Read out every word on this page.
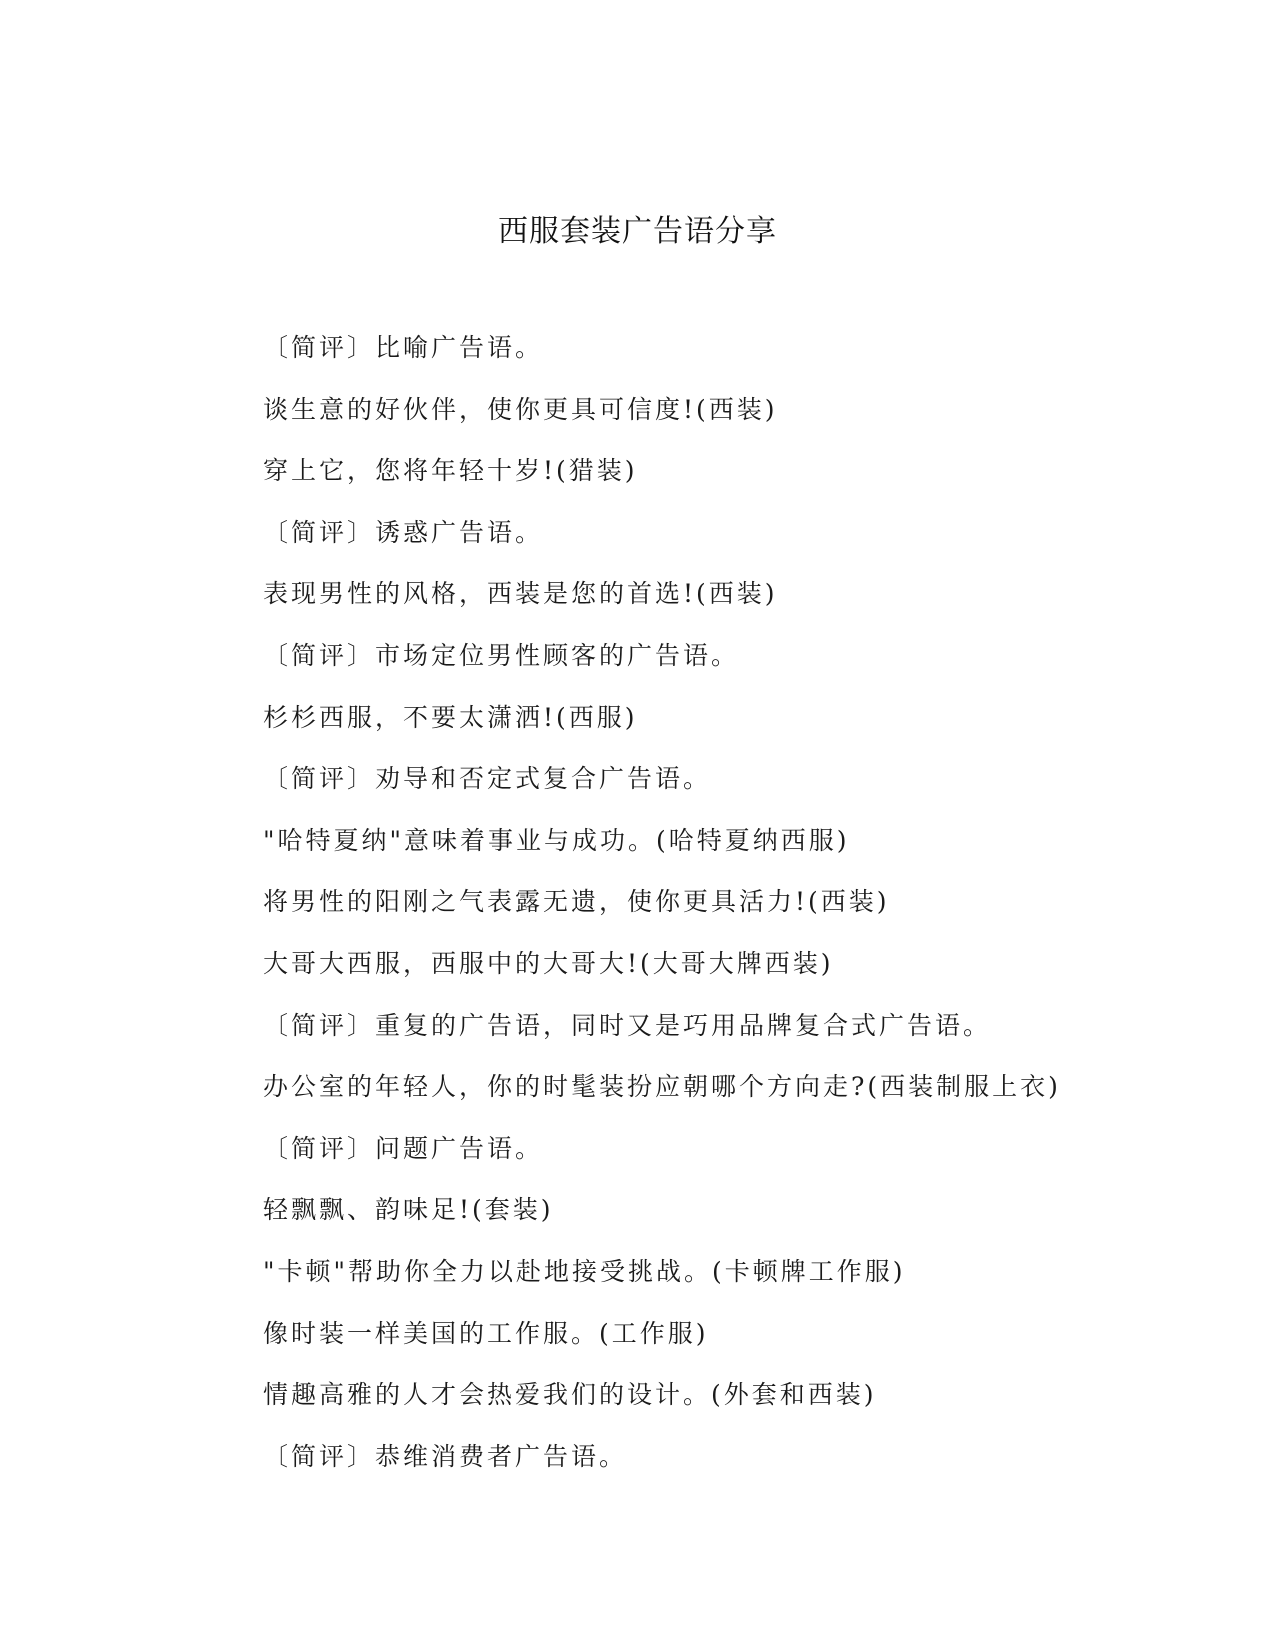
西服套装广告语分享
〔简评〕比喻广告语。
谈生意的好伙伴，使你更具可信度!(西装)
穿上它，您将年轻十岁!(猎装)
〔简评〕诱惑广告语。
表现男性的风格，西装是您的首选!(西装)
〔简评〕市场定位男性顾客的广告语。
杉杉西服，不要太潇洒!(西服)
〔简评〕劝导和否定式复合广告语。
"哈特夏纳"意味着事业与成功。(哈特夏纳西服)
将男性的阳刚之气表露无遗，使你更具活力!(西装)
大哥大西服，西服中的大哥大!(大哥大牌西装)
〔简评〕重复的广告语，同时又是巧用品牌复合式广告语。
办公室的年轻人，你的时髦装扮应朝哪个方向走?(西装制服上衣)
〔简评〕问题广告语。
轻飘飘、韵味足!(套装)
"卡顿"帮助你全力以赴地接受挑战。(卡顿牌工作服)
像时装一样美国的工作服。(工作服)
情趣高雅的人才会热爱我们的设计。(外套和西装)
〔简评〕恭维消费者广告语。
